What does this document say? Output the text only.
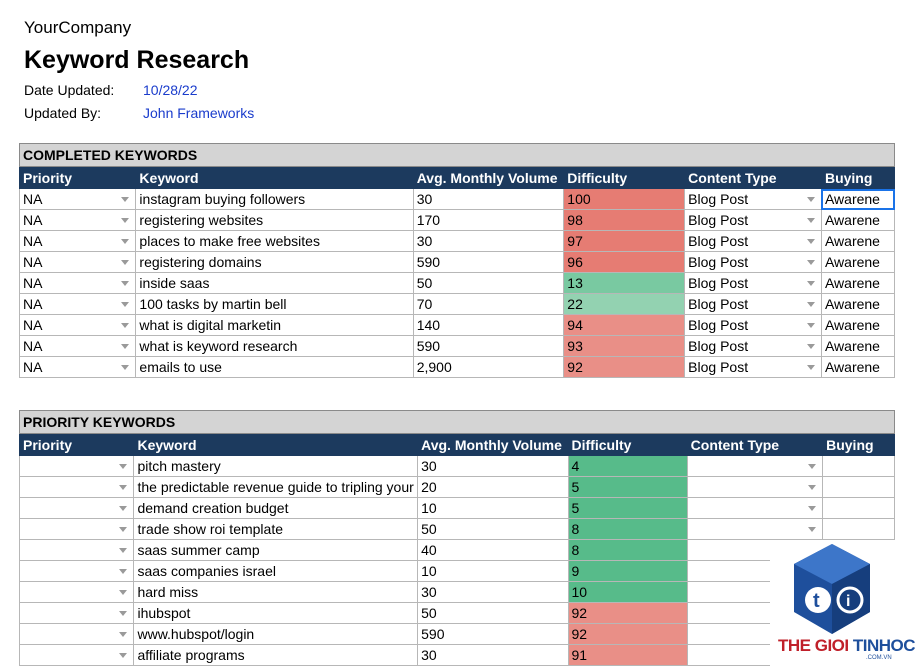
YourCompany
Keyword Research
Date Updated: 10/28/22
Updated By:	John Frameworks
COMPLETED KEYWORDS					
Priority	Keyword	Avg. Monthly Volume	Difficulty	Content Type	Buying
NA	instagram buying followers	30	100	Blog Post	Awarene
NA	registering websites	170	98	Blog Post	Awarene
NA	places to make free websites	30	97	Blog Post	Awarene
NA	registering domains	590	96	Blog Post	Awarene
NA	inside saas	50	13	Blog Post	Awarene
NA	100 tasks by martin bell	70	22	Blog Post	Awarene
NA	what is digital marketin	140	94	Blog Post	Awarene
NA	what is keyword research	590	93	Blog Post	Awarene
NA	emails to use	2,900	92	Blog Post	Awarene
PRIORITY KEYWORDS					
Priority	Keyword	Avg. Monthly Volume	Difficulty	Content Type	Buying

	pitch mastery	30	4	

	the predictable revenue guide to tripling your	20	5	

	demand creation budget	10	5	

	trade show roi template	50	8	

	saas summer camp	40	8	

	saas companies israel	10	9	

	hard miss	30	10	

	ihubspot	50	92	

	www.hubspot/login	590	92	

	affiliate programs	30	91	

t i
THE GIOI TINHOC
.COM.VN
